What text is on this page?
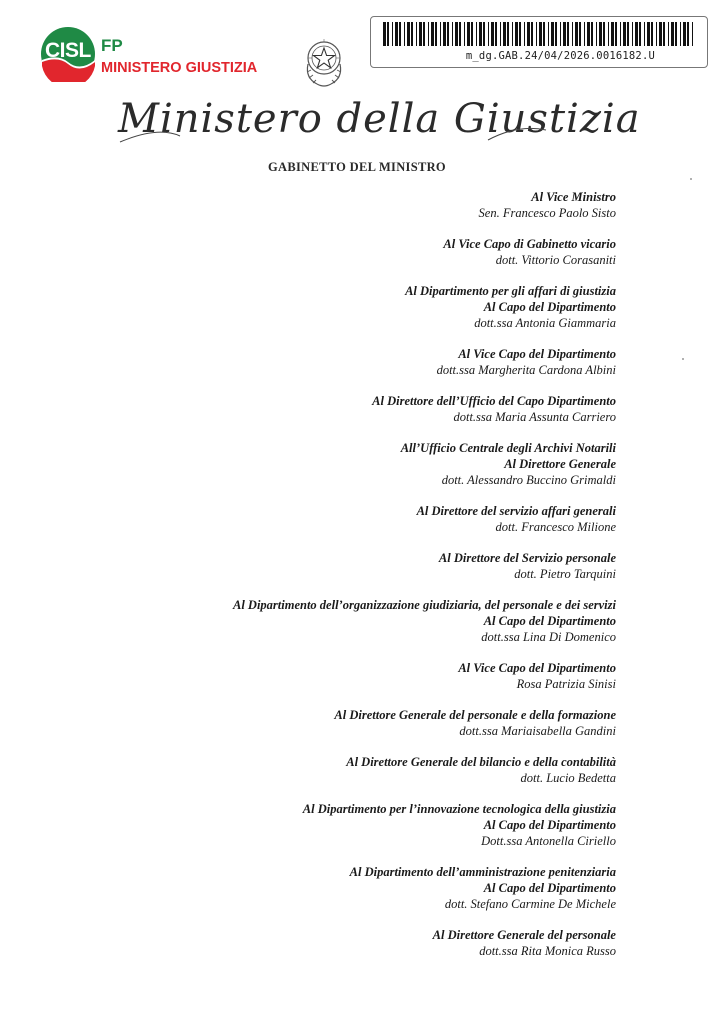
CISL FP
MINISTERO GIUSTIZIA
m_dg.GAB.24/04/2026.0016182.U
Ministero della Giustizia
GABINETTO DEL MINISTRO
Al Vice Ministro
Sen. Francesco Paolo Sisto
Al Vice Capo di Gabinetto vicario
dott. Vittorio Corasaniti
Al Dipartimento per gli affari di giustizia
Al Capo del Dipartimento
dott.ssa Antonia Giammaria
Al Vice Capo del Dipartimento
dott.ssa Margherita Cardona Albini
Al Direttore dell’Ufficio del Capo Dipartimento
dott.ssa Maria Assunta Carriero
All’Ufficio Centrale degli Archivi Notarili
Al Direttore Generale
dott. Alessandro Buccino Grimaldi
Al Direttore del servizio affari generali
dott. Francesco Milione
Al Direttore del Servizio personale
dott. Pietro Tarquini
Al Dipartimento dell’organizzazione giudiziaria, del personale e dei servizi
Al Capo del Dipartimento
dott.ssa Lina Di Domenico
Al Vice Capo del Dipartimento
Rosa Patrizia Sinisi
Al Direttore Generale del personale e della formazione
dott.ssa Mariaisabella Gandini
Al Direttore Generale del bilancio e della contabilità
dott. Lucio Bedetta
Al Dipartimento per l’innovazione tecnologica della giustizia
Al Capo del Dipartimento
Dott.ssa Antonella Ciriello
Al Dipartimento dell’amministrazione penitenziaria
Al Capo del Dipartimento
dott. Stefano Carmine De Michele
Al Direttore Generale del personale
dott.ssa Rita Monica Russo
